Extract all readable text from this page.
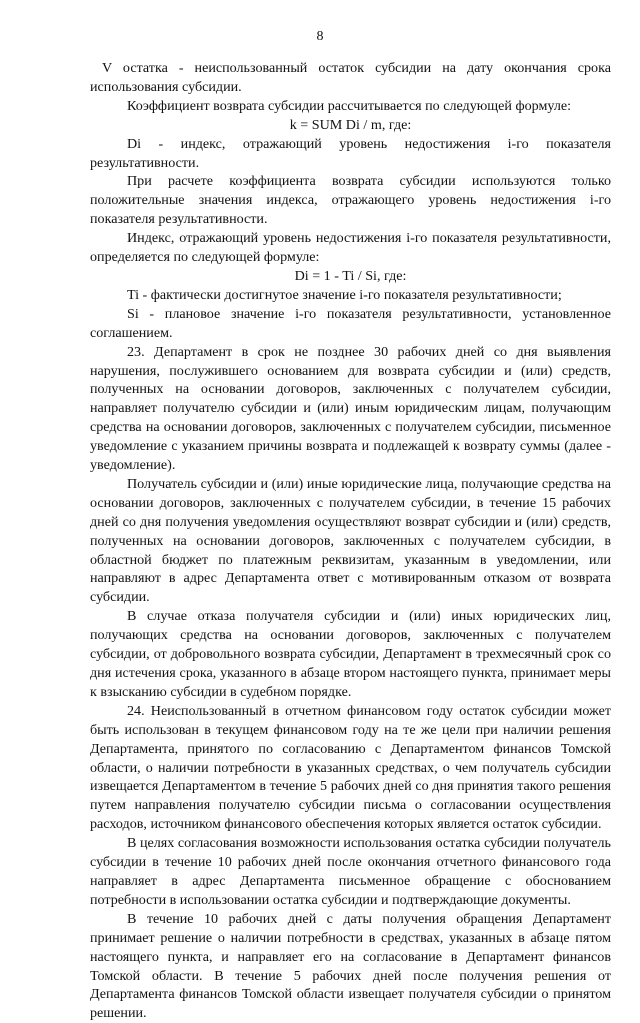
8

V остатка - неиспользованный остаток субсидии на дату окончания срока использования субсидии.

Коэффициент возврата субсидии рассчитывается по следующей формуле:

k = SUM Di / m, где:

Di - индекс, отражающий уровень недостижения i-го показателя результативности.

При расчете коэффициента возврата субсидии используются только положительные значения индекса, отражающего уровень недостижения i-го показателя результативности.

Индекс, отражающий уровень недостижения i-го показателя результативности, определяется по следующей формуле:

Di = 1 - Ti / Si, где:

Ti - фактически достигнутое значение i-го показателя результативности;

Si - плановое значение i-го показателя результативности, установленное соглашением.

23. Департамент в срок не позднее 30 рабочих дней со дня выявления нарушения, послужившего основанием для возврата субсидии и (или) средств, полученных на основании договоров, заключенных с получателем субсидии, направляет получателю субсидии и (или) иным юридическим лицам, получающим средства на основании договоров, заключенных с получателем субсидии, письменное уведомление с указанием причины возврата и подлежащей к возврату суммы (далее - уведомление).

Получатель субсидии и (или) иные юридические лица, получающие средства на основании договоров, заключенных с получателем субсидии, в течение 15 рабочих дней со дня получения уведомления осуществляют возврат субсидии и (или) средств, полученных на основании договоров, заключенных с получателем субсидии, в областной бюджет по платежным реквизитам, указанным в уведомлении, или направляют в адрес Департамента ответ с мотивированным отказом от возврата субсидии.

В случае отказа получателя субсидии и (или) иных юридических лиц, получающих средства на основании договоров, заключенных с получателем субсидии, от добровольного возврата субсидии, Департамент в трехмесячный срок со дня истечения срока, указанного в абзаце втором настоящего пункта, принимает меры к взысканию субсидии в судебном порядке.

24. Неиспользованный в отчетном финансовом году остаток субсидии может быть использован в текущем финансовом году на те же цели при наличии решения Департамента, принятого по согласованию с Департаментом финансов Томской области, о наличии потребности в указанных средствах, о чем получатель субсидии извещается Департаментом в течение 5 рабочих дней со дня принятия такого решения путем направления получателю субсидии письма о согласовании осуществления расходов, источником финансового обеспечения которых является остаток субсидии.

В целях согласования возможности использования остатка субсидии получатель субсидии в течение 10 рабочих дней после окончания отчетного финансового года направляет в адрес Департамента письменное обращение с обоснованием потребности в использовании остатка субсидии и подтверждающие документы.

В течение 10 рабочих дней с даты получения обращения Департамент принимает решение о наличии потребности в средствах, указанных в абзаце пятом настоящего пункта, и направляет его на согласование в Департамент финансов Томской области. В течение 5 рабочих дней после получения решения от Департамента финансов Томской области извещает получателя субсидии о принятом решении.
